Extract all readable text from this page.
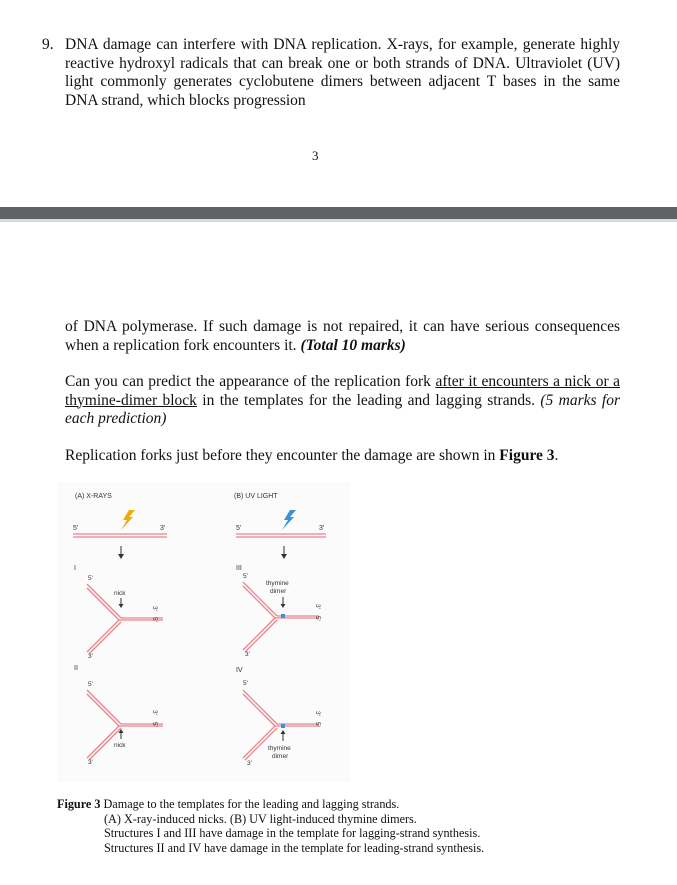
9. DNA damage can interfere with DNA replication. X-rays, for example, generate highly reactive hydroxyl radicals that can break one or both strands of DNA. Ultraviolet (UV) light commonly generates cyclobutene dimers between adjacent T bases in the same DNA strand, which blocks progression
3
of DNA polymerase. If such damage is not repaired, it can have serious consequences when a replication fork encounters it. (Total 10 marks)
Can you can predict the appearance of the replication fork after it encounters a nick or a thymine-dimer block in the templates for the leading and lagging strands. (5 marks for each prediction)
Replication forks just before they encounter the damage are shown in Figure 3.
(A) X-RAYS	(B) UV LIGHT
5'	3'
I
5'
nick
3'
5'
3'
II
5'
3'
5'
nick
3'
5'	3'
III
5'
thymine
dimer
3'
5'
3'
IV
5'
3'
5'
thymine
dimer
3'
Figure 3 Damage to the templates for the leading and lagging strands.
(A) X-ray-induced nicks. (B) UV light-induced thymine dimers.
Structures I and III have damage in the template for lagging-strand synthesis.
Structures II and IV have damage in the template for leading-strand synthesis.
